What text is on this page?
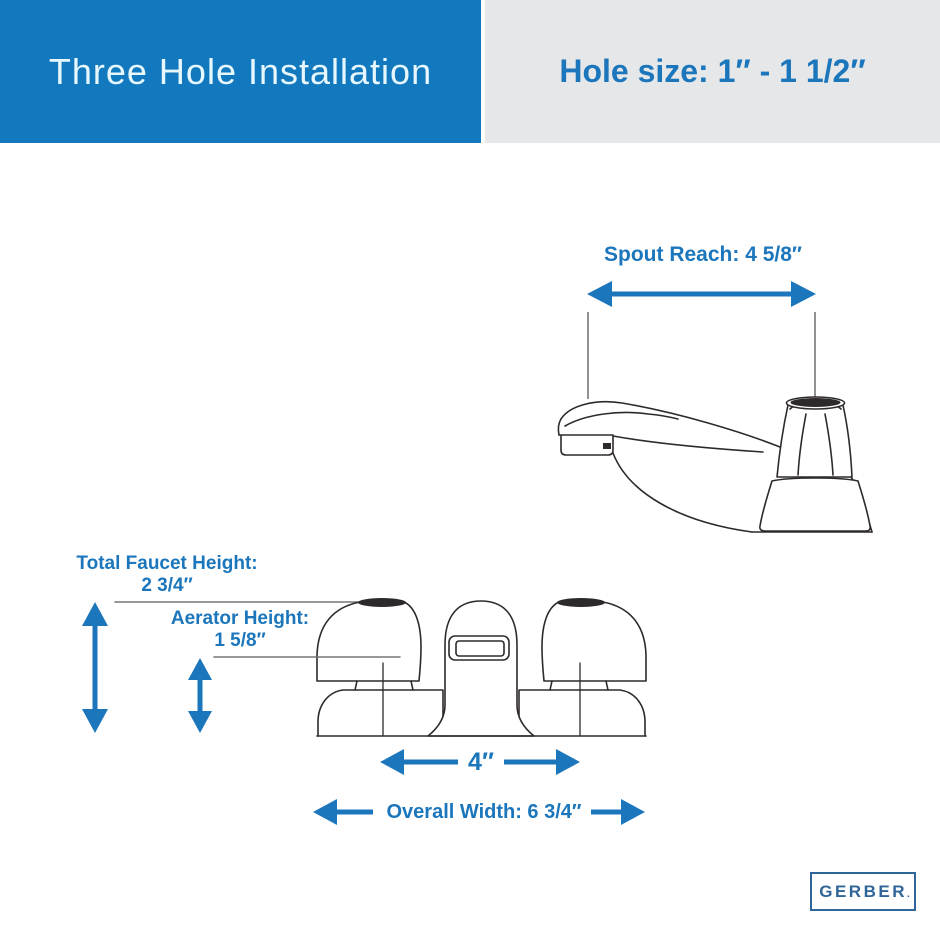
Three Hole Installation	Hole size: 1″ - 1 1/2″
Spout Reach: 4 5/8″
Total Faucet Height:
2 3/4″
Aerator Height:
1 5/8″
4″
Overall Width: 6 3/4″
GERBER .
